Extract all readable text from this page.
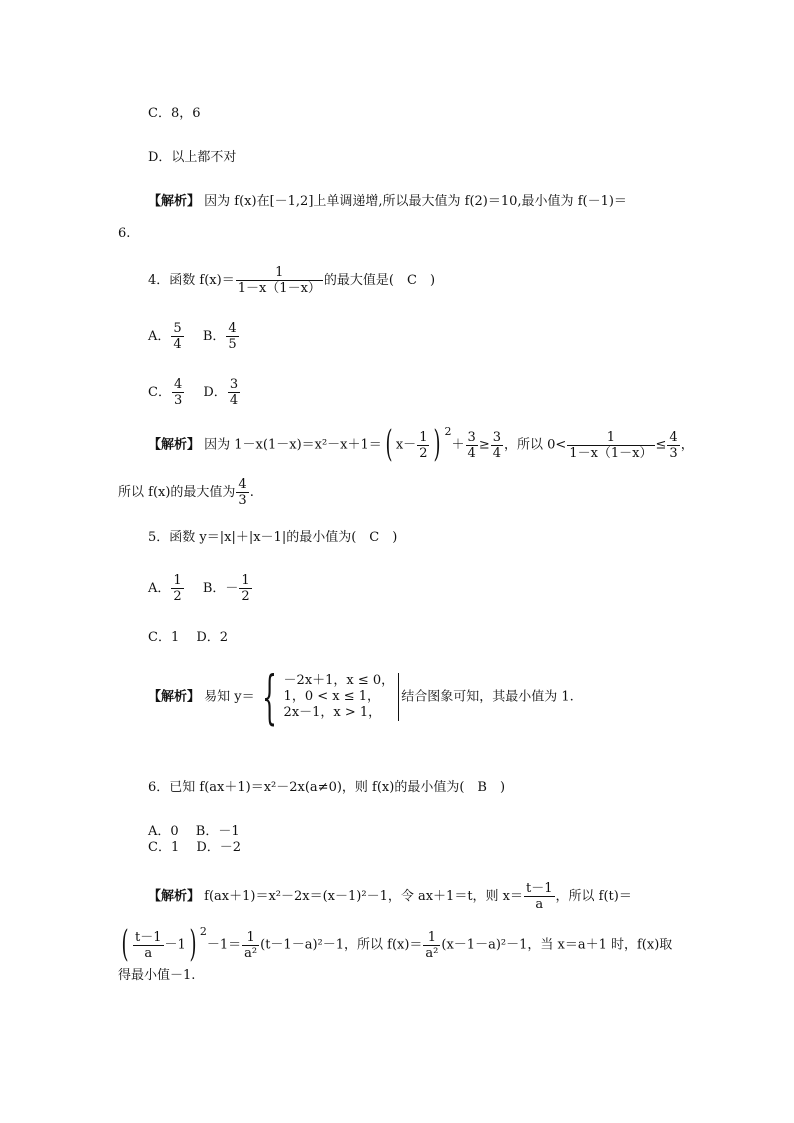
C．8，6
D．以上都不对
【解析】 因为 f(x)在[－1,2]上单调递增,所以最大值为 f(2)＝10,最小值为 f(－1)＝
6.
4．函数 $f(x)= \frac{1}{1-x(1-x)}$ 的最大值是(　C　)
A． $\frac{5}{4}$ B． $\frac{4}{5}$
C． $\frac{4}{3}$ D． $\frac{3}{4}$
【解析】 因为 1－x(1－x)＝x²－x＋1＝( $x- \frac{1}{2}$ ) $^2+ \frac{3}{4} \ge \frac{3}{4}$ ，所以 $0< \frac{1}{1-x(1-x)} \le \frac{4}{3}$ ，
所以 f(x)的最大值为 $\frac{4}{3}$ .
5．函数 y＝|x|＋|x－1|的最小值为(　C　)
A． $\frac{1}{2}$ B．－ $\frac{1}{2}$
C．1　 D．2
【解析】 易知 y＝ { －2x＋1，x ≤ 0，
1，0 < x ≤ 1，
2x－1，x > 1，
结合图象可知，其最小值为 1.
6．已知 f(ax＋1)＝x²－2x(a≠0)，则 f(x)的最小值为(　B　)
A．0　 B．－1
C．1　 D．－2
【解析】 f(ax＋1)＝x²－2x＝(x－1)²－1，令 ax＋1＝t，则 $x= \frac{t-1}{a}$ ，所以 f(t)＝
( $\frac{t-1}{a} -1$) $^2-1= \frac{1}{\text{a²}} (t-1-a)^2-1$，所以 $f(x)= \frac{1}{\text{a²}} (x-1-a)^2-1$，当 x＝a＋1 时，f(x)取
得最小值－1.
